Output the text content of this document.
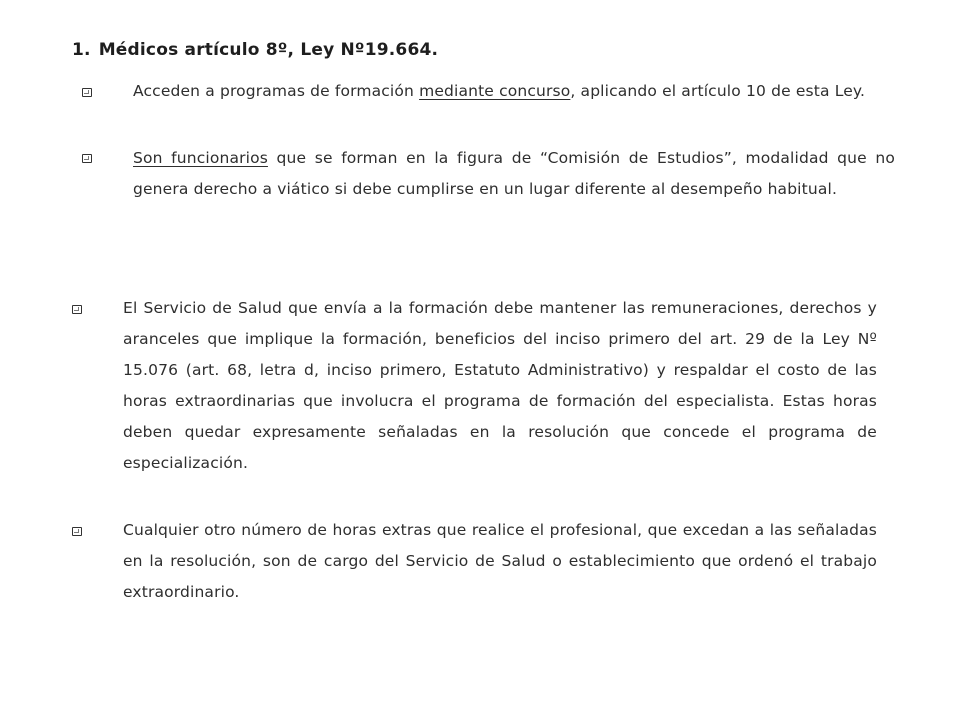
1. Médicos artículo 8º, Ley Nº19.664.
Acceden a programas de formación mediante concurso, aplicando el artículo 10 de esta Ley.
Son funcionarios que se forman en la figura de “Comisión de Estudios”, modalidad que no genera derecho a viático si debe cumplirse en un lugar diferente al desempeño habitual.
El Servicio de Salud que envía a la formación debe mantener las remuneraciones, derechos y aranceles que implique la formación, beneficios del inciso primero del art. 29 de la Ley Nº 15.076 (art. 68, letra d, inciso primero, Estatuto Administrativo) y respaldar el costo de las horas extraordinarias que involucra el programa de formación del especialista. Estas horas deben quedar expresamente señaladas en la resolución que concede el programa de especialización.
Cualquier otro número de horas extras que realice el profesional, que excedan a las señaladas en la resolución, son de cargo del Servicio de Salud o establecimiento que ordenó el trabajo extraordinario.
